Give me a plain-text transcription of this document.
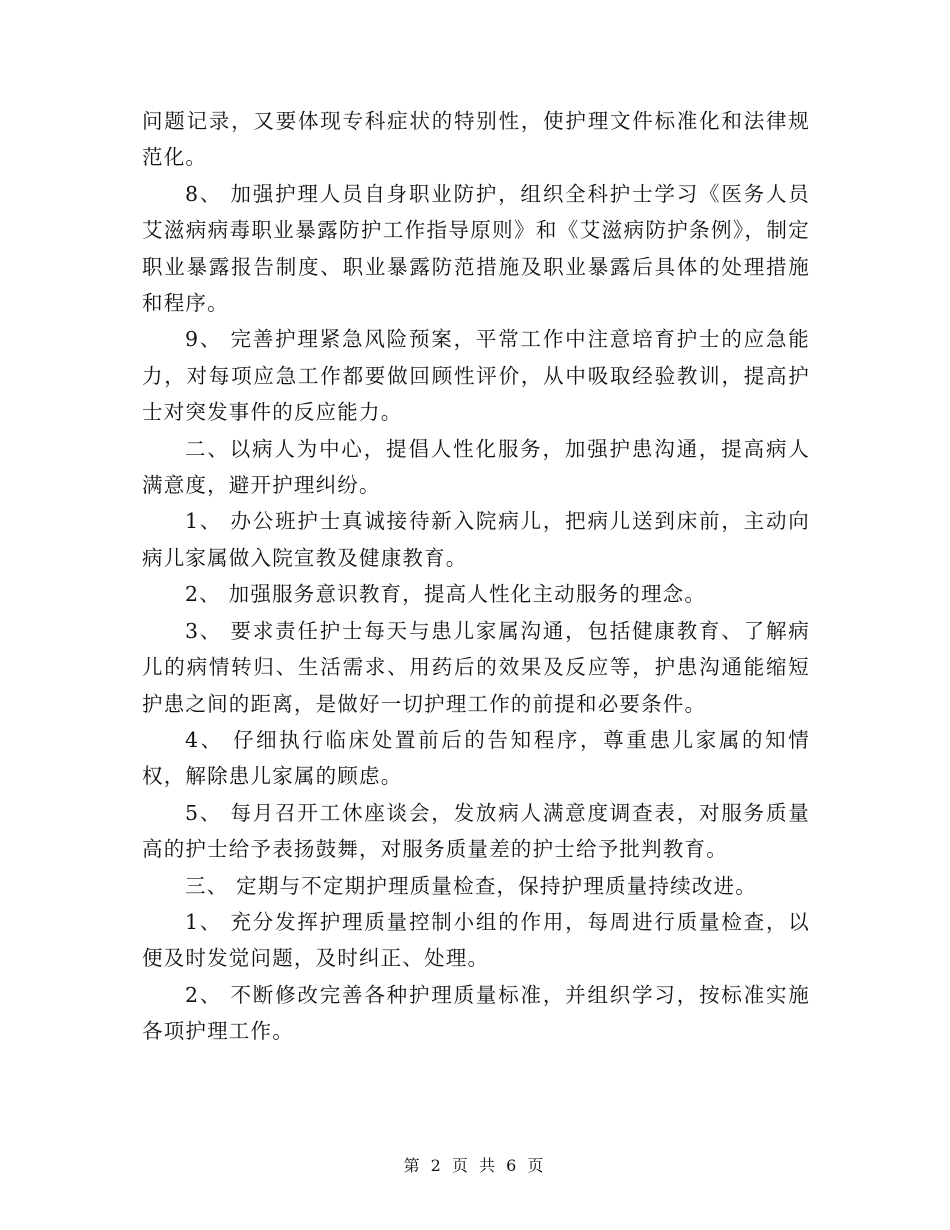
问题记录，又要体现专科症状的特别性，使护理文件标准化和法律规范化。

8、 加强护理人员自身职业防护，组织全科护士学习《医务人员艾滋病病毒职业暴露防护工作指导原则》和《艾滋病防护条例》，制定职业暴露报告制度、职业暴露防范措施及职业暴露后具体的处理措施和程序。

9、 完善护理紧急风险预案，平常工作中注意培育护士的应急能力，对每项应急工作都要做回顾性评价，从中吸取经验教训，提高护士对突发事件的反应能力。

二、以病人为中心，提倡人性化服务，加强护患沟通，提高病人满意度，避开护理纠纷。

1、 办公班护士真诚接待新入院病儿，把病儿送到床前，主动向病儿家属做入院宣教及健康教育。

2、 加强服务意识教育，提高人性化主动服务的理念。

3、 要求责任护士每天与患儿家属沟通，包括健康教育、了解病儿的病情转归、生活需求、用药后的效果及反应等，护患沟通能缩短护患之间的距离，是做好一切护理工作的前提和必要条件。

4、 仔细执行临床处置前后的告知程序，尊重患儿家属的知情权，解除患儿家属的顾虑。

5、 每月召开工休座谈会，发放病人满意度调查表，对服务质量高的护士给予表扬鼓舞，对服务质量差的护士给予批判教育。

三、 定期与不定期护理质量检查，保持护理质量持续改进。

1、 充分发挥护理质量控制小组的作用，每周进行质量检查，以便及时发觉问题，及时纠正、处理。

2、 不断修改完善各种护理质量标准，并组织学习，按标准实施各项护理工作。

第 2 页 共 6 页
